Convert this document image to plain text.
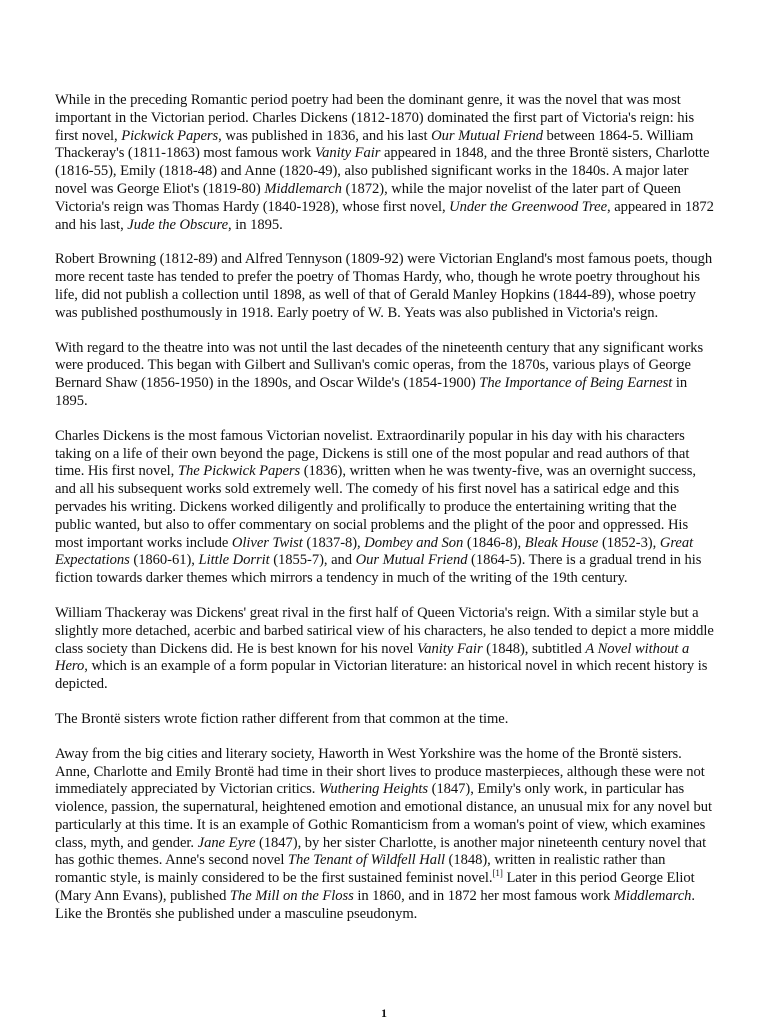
While in the preceding Romantic period poetry had been the dominant genre, it was the novel that was most important in the Victorian period. Charles Dickens (1812-1870) dominated the first part of Victoria's reign: his first novel, Pickwick Papers, was published in 1836, and his last Our Mutual Friend between 1864-5. William Thackeray's (1811-1863) most famous work Vanity Fair appeared in 1848, and the three Brontë sisters, Charlotte (1816-55), Emily (1818-48) and Anne (1820-49), also published significant works in the 1840s. A major later novel was George Eliot's (1819-80) Middlemarch (1872), while the major novelist of the later part of Queen Victoria's reign was Thomas Hardy (1840-1928), whose first novel, Under the Greenwood Tree, appeared in 1872 and his last, Jude the Obscure, in 1895.

Robert Browning (1812-89) and Alfred Tennyson (1809-92) were Victorian England's most famous poets, though more recent taste has tended to prefer the poetry of Thomas Hardy, who, though he wrote poetry throughout his life, did not publish a collection until 1898, as well of that of Gerald Manley Hopkins (1844-89), whose poetry was published posthumously in 1918. Early poetry of W. B. Yeats was also published in Victoria's reign.

With regard to the theatre into was not until the last decades of the nineteenth century that any significant works were produced. This began with Gilbert and Sullivan's comic operas, from the 1870s, various plays of George Bernard Shaw (1856-1950) in the 1890s, and Oscar Wilde's (1854-1900) The Importance of Being Earnest in 1895.

Charles Dickens is the most famous Victorian novelist. Extraordinarily popular in his day with his characters taking on a life of their own beyond the page, Dickens is still one of the most popular and read authors of that time. His first novel, The Pickwick Papers (1836), written when he was twenty-five, was an overnight success, and all his subsequent works sold extremely well. The comedy of his first novel has a satirical edge and this pervades his writing. Dickens worked diligently and prolifically to produce the entertaining writing that the public wanted, but also to offer commentary on social problems and the plight of the poor and oppressed. His most important works include Oliver Twist (1837-8), Dombey and Son (1846-8), Bleak House (1852-3), Great Expectations (1860-61), Little Dorrit (1855-7), and Our Mutual Friend (1864-5). There is a gradual trend in his fiction towards darker themes which mirrors a tendency in much of the writing of the 19th century.

William Thackeray was Dickens' great rival in the first half of Queen Victoria's reign. With a similar style but a slightly more detached, acerbic and barbed satirical view of his characters, he also tended to depict a more middle class society than Dickens did. He is best known for his novel Vanity Fair (1848), subtitled A Novel without a Hero, which is an example of a form popular in Victorian literature: an historical novel in which recent history is depicted.

The Brontë sisters wrote fiction rather different from that common at the time.

Away from the big cities and literary society, Haworth in West Yorkshire was the home of the Brontë sisters. Anne, Charlotte and Emily Brontë had time in their short lives to produce masterpieces, although these were not immediately appreciated by Victorian critics. Wuthering Heights (1847), Emily's only work, in particular has violence, passion, the supernatural, heightened emotion and emotional distance, an unusual mix for any novel but particularly at this time. It is an example of Gothic Romanticism from a woman's point of view, which examines class, myth, and gender. Jane Eyre (1847), by her sister Charlotte, is another major nineteenth century novel that has gothic themes. Anne's second novel The Tenant of Wildfell Hall (1848), written in realistic rather than romantic style, is mainly considered to be the first sustained feminist novel.[1] Later in this period George Eliot (Mary Ann Evans), published The Mill on the Floss in 1860, and in 1872 her most famous work Middlemarch. Like the Brontës she published under a masculine pseudonym.

1
